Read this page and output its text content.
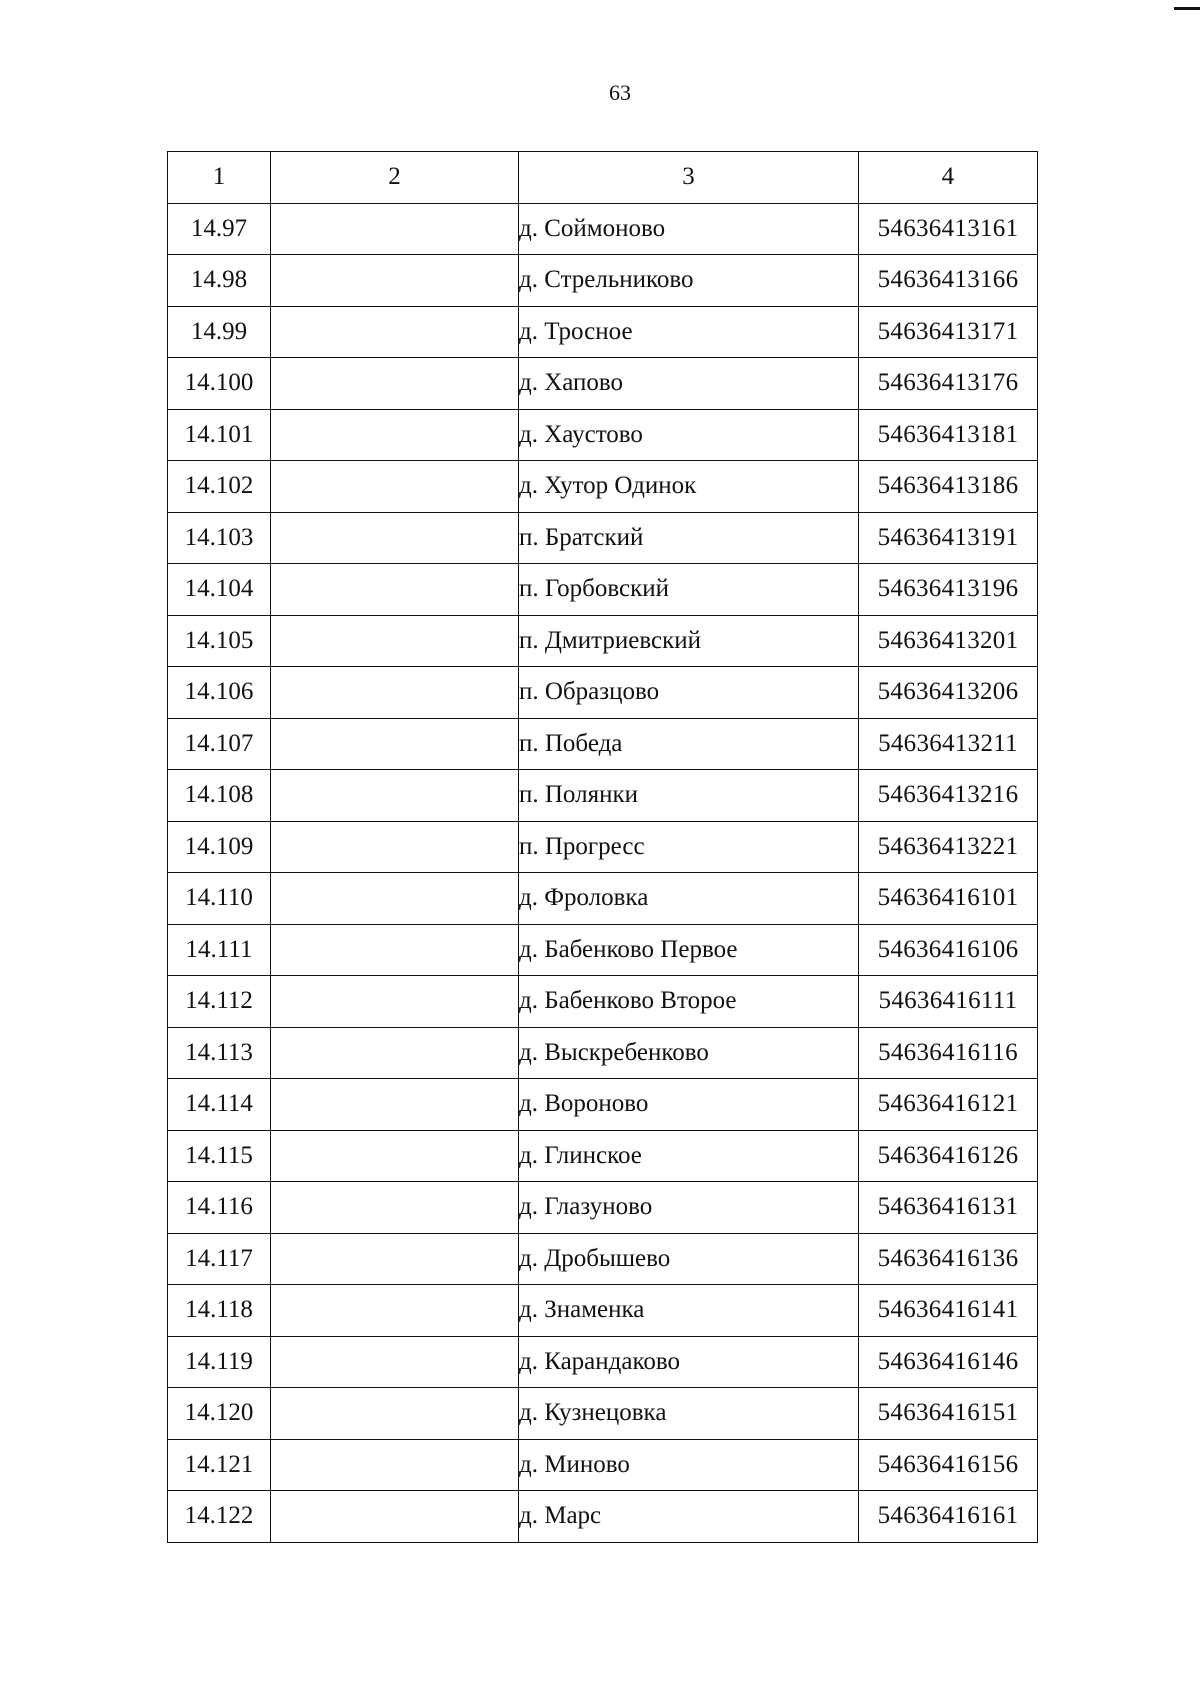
63
1	2	3	4
14.97		д. Соймоново	54636413161
14.98		д. Стрельниково	54636413166
14.99		д. Тросное	54636413171
14.100		д. Хапово	54636413176
14.101		д. Хаустово	54636413181
14.102		д. Хутор Одинок	54636413186
14.103		п. Братский	54636413191
14.104		п. Горбовский	54636413196
14.105		п. Дмитриевский	54636413201
14.106		п. Образцово	54636413206
14.107		п. Победа	54636413211
14.108		п. Полянки	54636413216
14.109		п. Прогресс	54636413221
14.110		д. Фроловка	54636416101
14.111		д. Бабенково Первое	54636416106
14.112		д. Бабенково Второе	54636416111
14.113		д. Выскребенково	54636416116
14.114		д. Вороново	54636416121
14.115		д. Глинское	54636416126
14.116		д. Глазуново	54636416131
14.117		д. Дробышево	54636416136
14.118		д. Знаменка	54636416141
14.119		д. Карандаково	54636416146
14.120		д. Кузнецовка	54636416151
14.121		д. Миново	54636416156
14.122		д. Марс	54636416161
